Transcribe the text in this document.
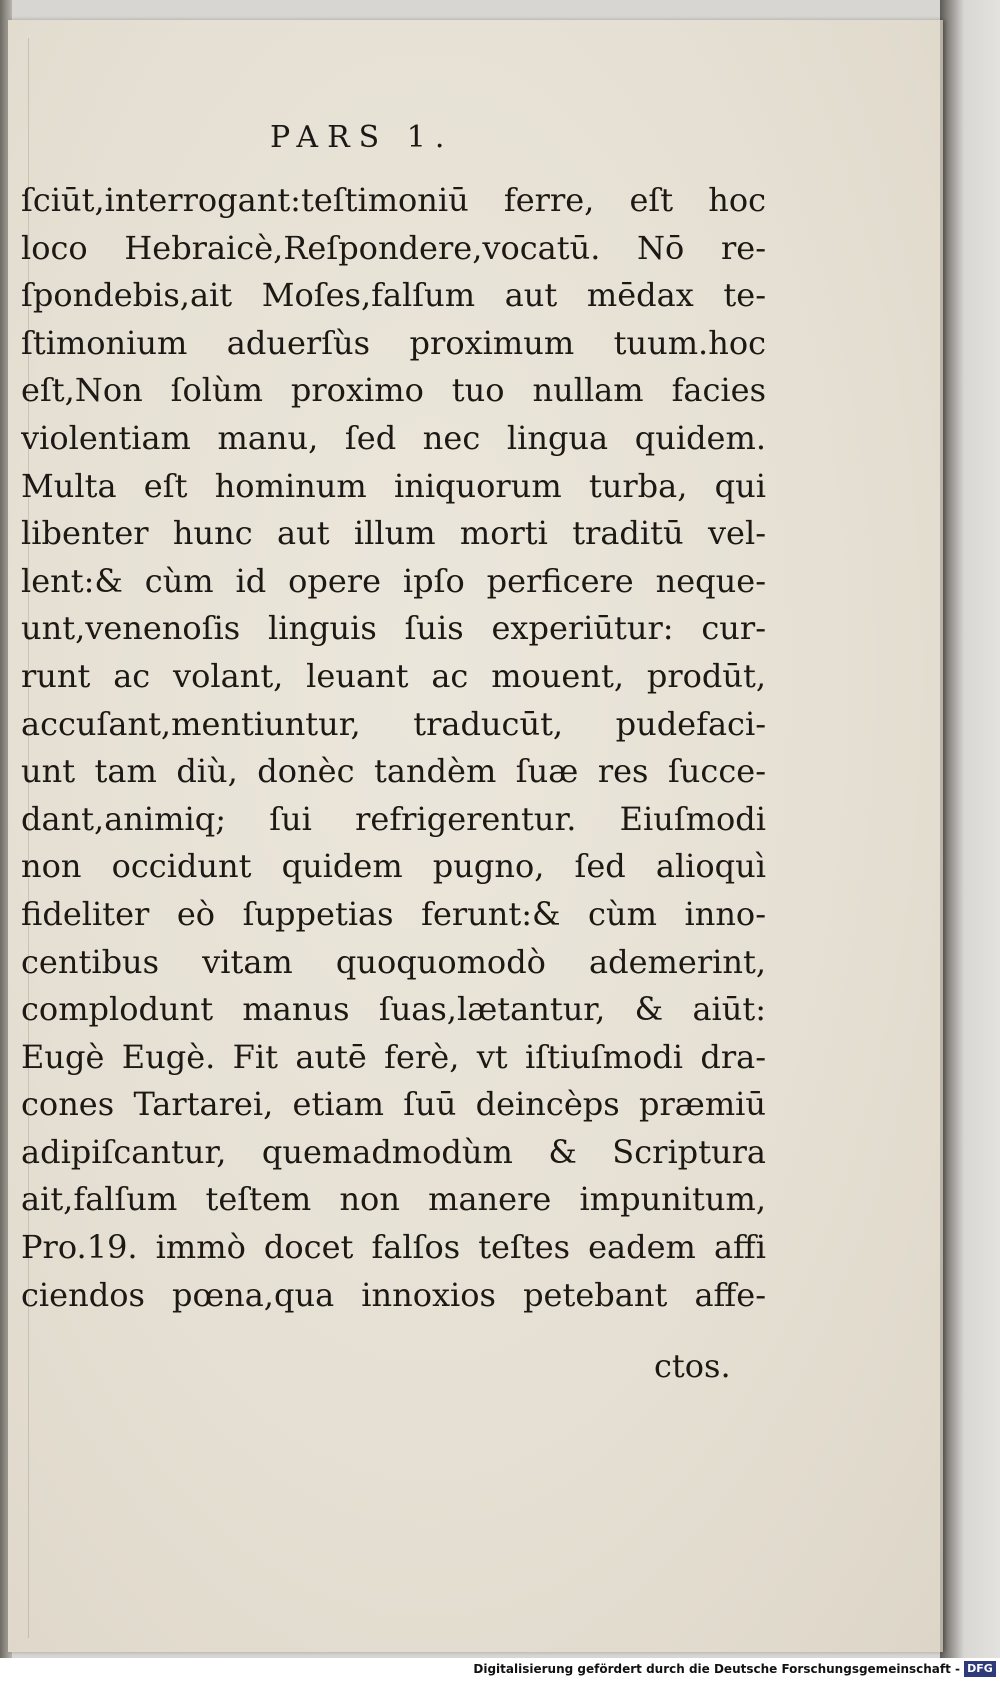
PARS 1.
ſciūt,interrogant:teſtimoniū ferre, eſt hoc
loco Hebraicè,Reſpondere,vocatū. Nō re-
ſpondebis,ait Moſes,falſum aut mēdax te-
ſtimonium aduerſùs proximum tuum.hoc
eſt,Non ſolùm proximo tuo nullam facies
violentiam manu, ſed nec lingua quidem.
Multa eſt hominum iniquorum turba, qui
libenter hunc aut illum morti traditū vel-
lent:& cùm id opere ipſo perficere neque-
unt,venenoſis linguis ſuis experiūtur: cur-
runt ac volant, leuant ac mouent, prodūt,
accuſant,mentiuntur, traducūt, pudefaci-
unt tam diù, donèc tandèm ſuæ res ſucce-
dant,animiq; ſui refrigerentur. Eiuſmodi
non occidunt quidem pugno, ſed alioquì
fideliter eò ſuppetias ferunt:& cùm inno-
centibus vitam quoquomodò ademerint,
complodunt manus ſuas,lætantur, & aiūt:
Eugè Eugè. Fit autē ferè, vt iſtiuſmodi dra-
cones Tartarei, etiam ſuū deincèps præmiū
adipiſcantur, quemadmodùm & Scriptura
ait,falſum teſtem non manere impunitum,
Pro.19. immò docet falſos teſtes eadem affi
ciendos pœna,qua innoxios petebant affe-
ctos.
Digitalisierung gefördert durch die Deutsche Forschungsgemeinschaft - DFG
